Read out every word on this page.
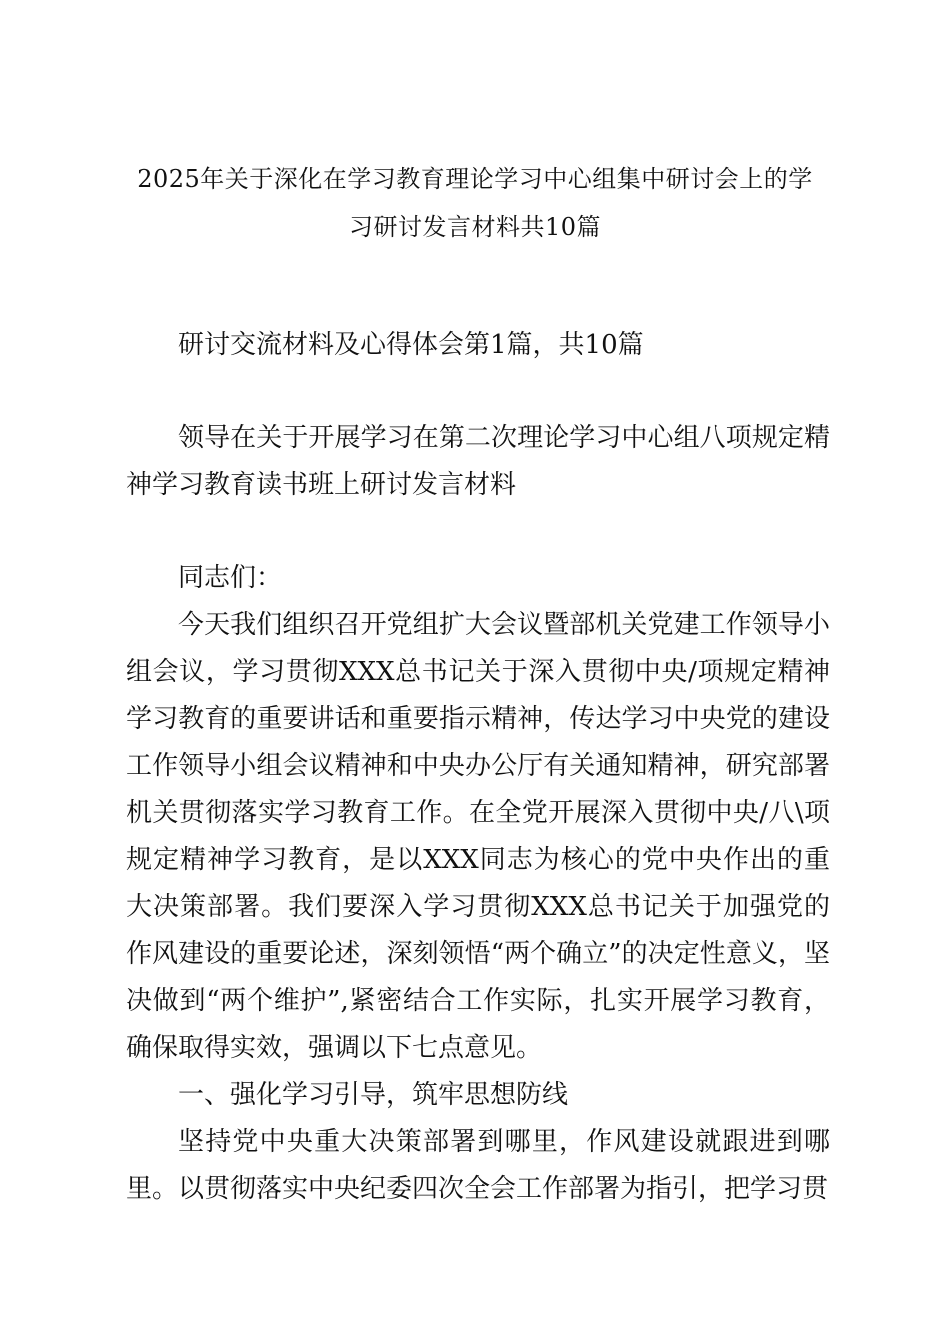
2025年关于深化在学习教育理论学习中心组集中研讨会上的学
习研讨发言材料共10篇

研讨交流材料及心得体会第1篇，共10篇

领导在关于开展学习在第二次理论学习中心组八项规定精神学习教育读书班上研讨发言材料

同志们：

今天我们组织召开党组扩大会议暨部机关党建工作领导小组会议，学习贯彻XXX总书记关于深入贯彻中央/项规定精神学习教育的重要讲话和重要指示精神，传达学习中央党的建设工作领导小组会议精神和中央办公厅有关通知精神，研究部署机关贯彻落实学习教育工作。在全党开展深入贯彻中央/八\项规定精神学习教育，是以XXX同志为核心的党中央作出的重大决策部署。我们要深入学习贯彻XXX总书记关于加强党的作风建设的重要论述，深刻领悟“两个确立”的决定性意义，坚决做到“两个维护”,紧密结合工作实际，扎实开展学习教育，确保取得实效，强调以下七点意见。

一、强化学习引导，筑牢思想防线

坚持党中央重大决策部署到哪里，作风建设就跟进到哪里。以贯彻落实中央纪委四次全会工作部署为指引，把学习贯
